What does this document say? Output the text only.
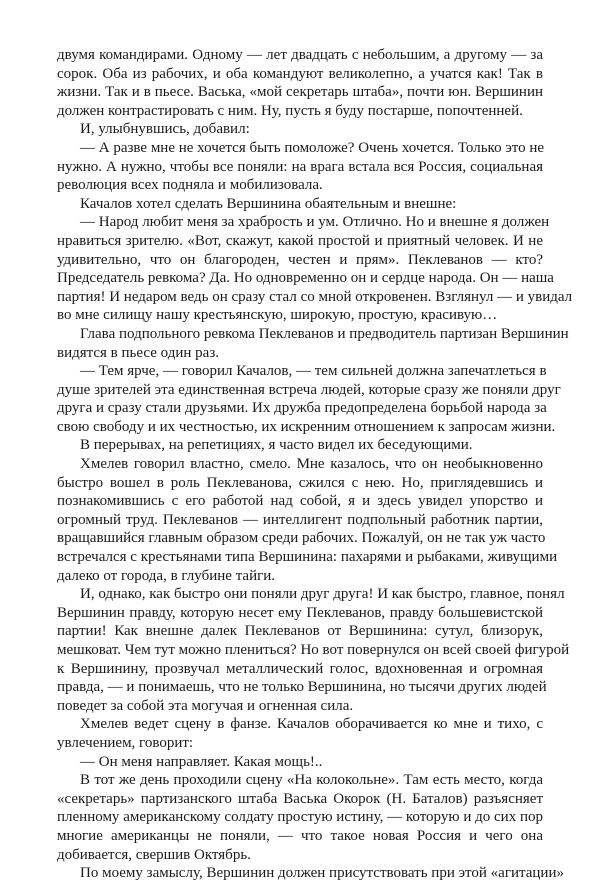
двумя командирами. Одному — лет двадцать с небольшим, а другому — за
сорок. Оба из рабочих, и оба командуют великолепно, а учатся как! Так в
жизни. Так и в пьесе. Васька, «мой секретарь штаба», почти юн. Вершинин
должен контрастировать с ним. Ну, пусть я буду постарше, попочтенней.
И, улыбнувшись, добавил:
— А разве мне не хочется быть помоложе? Очень хочется. Только это не
нужно. А нужно, чтобы все поняли: на врага встала вся Россия, социальная
революция всех подняла и мобилизовала.
Качалов хотел сделать Вершинина обаятельным и внешне:
— Народ любит меня за храбрость и ум. Отлично. Но и внешне я должен
нравиться зрителю. «Вот, скажут, какой простой и приятный человек. И не
удивительно, что он благороден, честен и прям». Пеклеванов — кто?
Председатель ревкома? Да. Но одновременно он и сердце народа. Он — наша
партия! И недаром ведь он сразу стал со мной откровенен. Взглянул — и увидал
во мне силищу нашу крестьянскую, широкую, простую, красивую…
Глава подпольного ревкома Пеклеванов и предводитель партизан Вершинин
видятся в пьесе один раз.
— Тем ярче, — говорил Качалов, — тем сильней должна запечатлеться в
душе зрителей эта единственная встреча людей, которые сразу же поняли друг
друга и сразу стали друзьями. Их дружба предопределена борьбой народа за
свою свободу и их честностью, их искренним отношением к запросам жизни.
В перерывах, на репетициях, я часто видел их беседующими.
Хмелев говорил властно, смело. Мне казалось, что он необыкновенно
быстро вошел в роль Пеклеванова, сжился с нею. Но, приглядевшись и
познакомившись с его работой над собой, я и здесь увидел упорство и
огромный труд. Пеклеванов — интеллигент подпольный работник партии,
вращавшийся главным образом среди рабочих. Пожалуй, он не так уж часто
встречался с крестьянами типа Вершинина: пахарями и рыбаками, живущими
далеко от города, в глубине тайги.
И, однако, как быстро они поняли друг друга! И как быстро, главное, понял
Вершинин правду, которую несет ему Пеклеванов, правду большевистской
партии! Как внешне далек Пеклеванов от Вершинина: сутул, близорук,
мешковат. Чем тут можно плениться? Но вот повернулся он всей своей фигурой
к Вершинину, прозвучал металлический голос, вдохновенная и огромная
правда, — и понимаешь, что не только Вершинина, но тысячи других людей
поведет за собой эта могучая и огненная сила.
Хмелев ведет сцену в фанзе. Качалов оборачивается ко мне и тихо, с
увлечением, говорит:
— Он меня направляет. Какая мощь!..
В тот же день проходили сцену «На колокольне». Там есть место, когда
«секретарь» партизанского штаба Васька Окорок (Н. Баталов) разъясняет
пленному американскому солдату простую истину, — которую и до сих пор
многие американцы не поняли, — что такое новая Россия и чего она
добивается, свершив Октябрь.
По моему замыслу, Вершинин должен присутствовать при этой «агитации»
